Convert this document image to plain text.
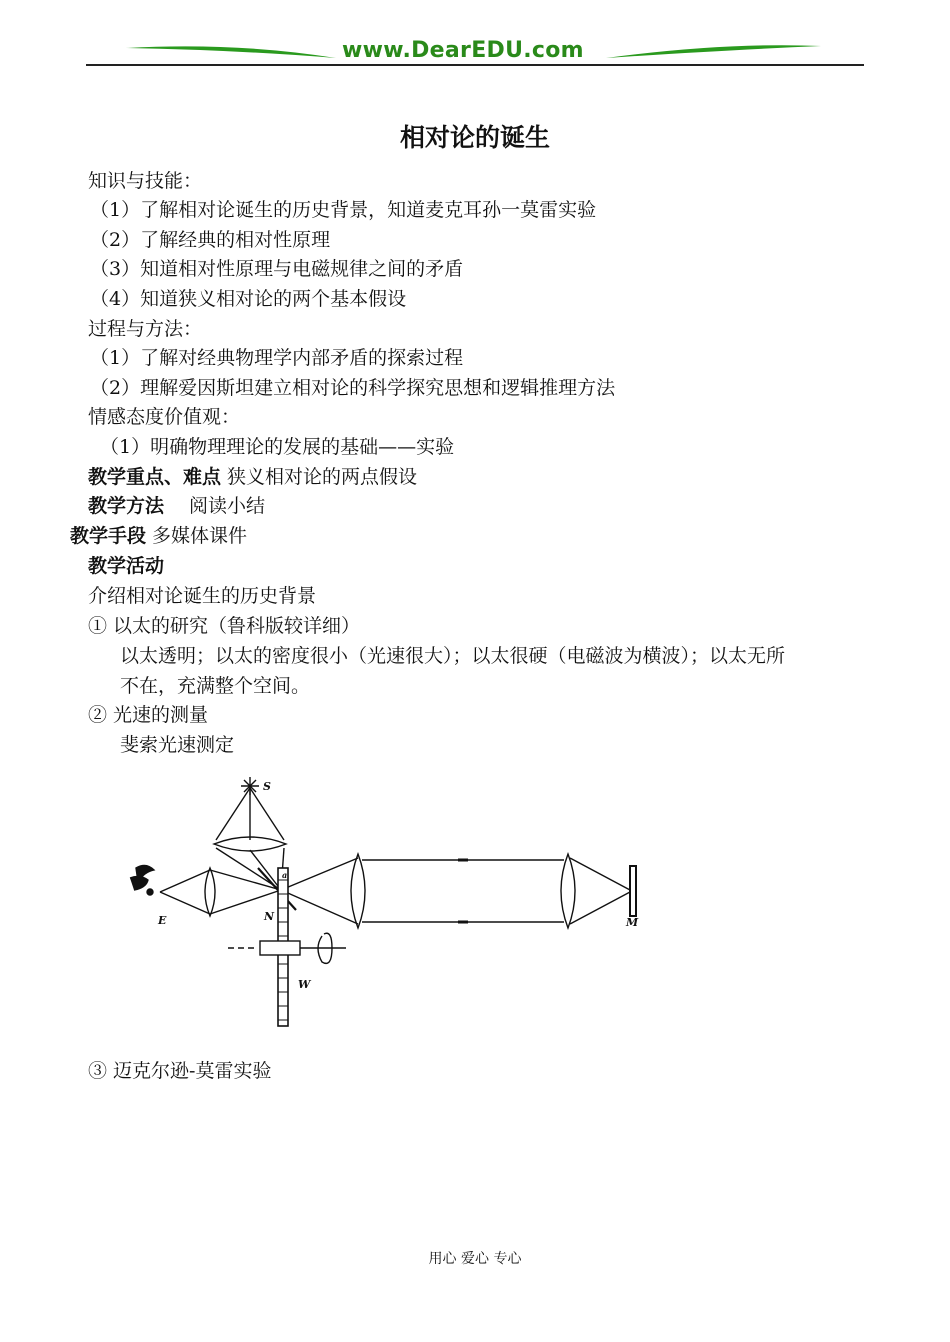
www.DearEDU.com
相对论的诞生
知识与技能：
（1）了解相对论诞生的历史背景，知道麦克耳孙一莫雷实验
（2）了解经典的相对性原理
（3）知道相对性原理与电磁规律之间的矛盾
（4）知道狭义相对论的两个基本假设
过程与方法：
（1）了解对经典物理学内部矛盾的探索过程
（2）理解爱因斯坦建立相对论的科学探究思想和逻辑推理方法
情感态度价值观：
（1）明确物理理论的发展的基础——实验
教学重点、难点 狭义相对论的两点假设
教学方法　 阅读小结
教学手段 多媒体课件
教学活动
介绍相对论诞生的历史背景
① 以太的研究（鲁科版较详细）
以太透明；以太的密度很小（光速很大）；以太很硬（电磁波为横波）；以太无所
不在，充满整个空间。
② 光速的测量
斐索光速测定
S
E	N
W
M
a
③ 迈克尔逊-莫雷实验
用心 爱心 专心
